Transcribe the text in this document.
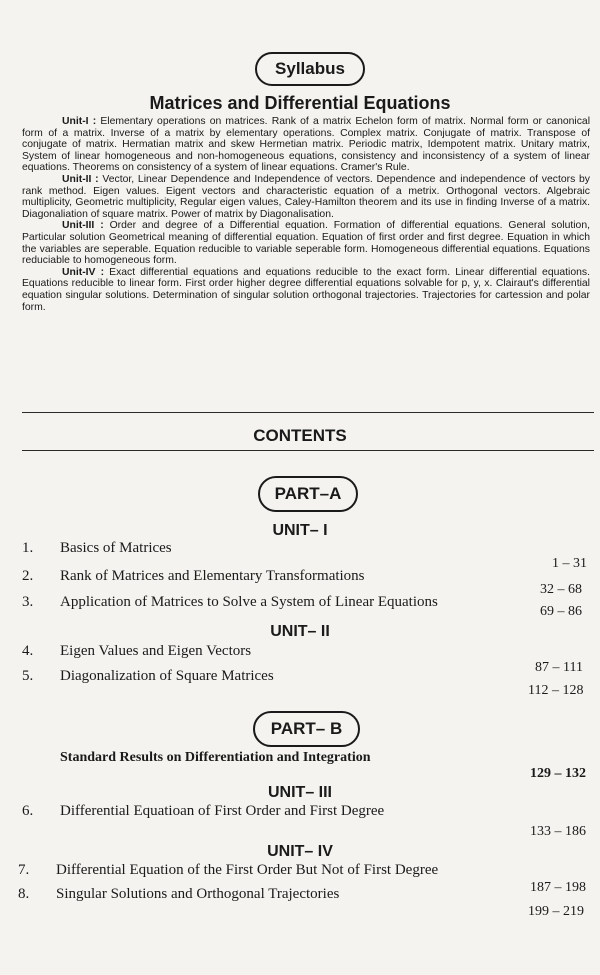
Syllabus
Matrices and Differential Equations

Unit-I : Elementary operations on matrices. Rank of a matrix Echelon form of matrix. Normal form or canonical form of a matrix. Inverse of a matrix by elementary operations. Complex matrix. Conjugate of matrix. Transpose of conjugate of matrix. Hermatian matrix and skew Hermetian matrix. Periodic matrix, Idempotent matrix. Unitary matrix, System of linear homogeneous and non-homogeneous equations, consistency and inconsistency of a system of linear equations. Theorems on consistency of a system of linear equations. Cramer's Rule.

Unit-II : Vector, Linear Dependence and Independence of vectors. Dependence and independence of vectors by rank method. Eigen values. Eigent vectors and characteristic equation of a metrix. Orthogonal vectors. Algebraic multiplicity, Geometric multiplicity, Regular eigen values, Caley-Hamilton theorem and its use in finding Inverse of a matrix. Diagonaliation of square matrix. Power of matrix by Diagonalisation.

Unit-III : Order and degree of a Differential equation. Formation of differential equations. General solution, Particular solution Geometrical meaning of differential equation. Equation of first order and first degree. Equation in which the variables are seperable. Equation reducible to variable seperable form. Homogeneous differential equations. Equations reduciable to homogeneous form.

Unit-IV : Exact differential equations and equations reducible to the exact form. Linear differential equations. Equations reducible to linear form. First order higher degree differential equations solvable for p, y, x. Clairaut's differential equation singular solutions. Determination of singular solution orthogonal trajectories. Trajectories for cartession and polar form.

CONTENTS
PART–A
UNIT– I
1. Basics of Matrices
1 – 31
2. Rank of Matrices and Elementary Transformations
32 – 68
3. Application of Matrices to Solve a System of Linear Equations
69 – 86
UNIT– II
4. Eigen Values and Eigen Vectors
87 – 111
5. Diagonalization of Square Matrices
112 – 128
PART– B
Standard Results on Differentiation and Integration
129 – 132
UNIT– III
6. Differential Equatioan of First Order and First Degree
133 – 186
UNIT– IV
7. Differential Equation of the First Order But Not of First Degree
187 – 198
8. Singular Solutions and Orthogonal Trajectories
199 – 219
